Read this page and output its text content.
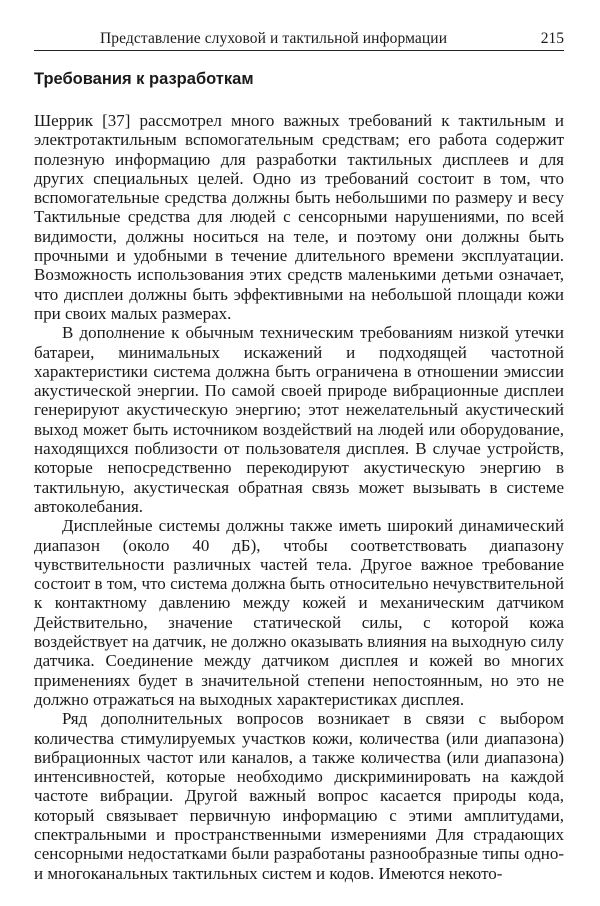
Представление слуховой и тактильной информации	215
Требования к разработкам

Шеррик [37] рассмотрел много важных требований к тактильным и электротактильным вспомогательным средствам; его работа содержит полезную информацию для разработки тактильных дисплеев и для других специальных целей. Одно из требований состоит в том, что вспомогательные средства должны быть небольшими по размеру и весу Тактильные средства для людей с сенсорными нарушениями, по всей видимости, должны носиться на теле, и поэтому они должны быть прочными и удобными в течение длительного времени эксплуатации. Возможность использования этих средств маленькими детьми означает, что дисплеи должны быть эффективными на небольшой площади кожи при своих малых размерах.

В дополнение к обычным техническим требованиям низкой утечки батареи, минимальных искажений и подходящей частотной характеристики система должна быть ограничена в отношении эмиссии акустической энергии. По самой своей природе вибрационные дисплеи генерируют акустическую энергию; этот нежелательный акустический выход может быть источником воздействий на людей или оборудование, находящихся поблизости от пользователя дисплея. В случае устройств, которые непосредственно перекодируют акустическую энергию в тактильную, акустическая обратная связь может вызывать в системе автоколебания.

Дисплейные системы должны также иметь широкий динамический диапазон (около 40 дБ), чтобы соответствовать диапазону чувствительности различных частей тела. Другое важное требование состоит в том, что система должна быть относительно нечувствительной к контактному давлению между кожей и механическим датчиком Действительно, значение статической силы, с которой кожа воздействует на датчик, не должно оказывать влияния на выходную силу датчика. Соединение между датчиком дисплея и кожей во многих применениях будет в значительной степени непостоянным, но это не должно отражаться на выходных характеристиках дисплея.

Ряд дополнительных вопросов возникает в связи с выбором количества стимулируемых участков кожи, количества (или диапазона) вибрационных частот или каналов, а также количества (или диапазона) интенсивностей, которые необходимо дискриминировать на каждой частоте вибрации. Другой важный вопрос касается природы кода, который связывает первичную информацию с этими амплитудами, спектральными и пространственными измерениями Для страдающих сенсорными недостатками были разработаны разнообразные типы одно- и многоканальных тактильных систем и кодов. Имеются некото-
